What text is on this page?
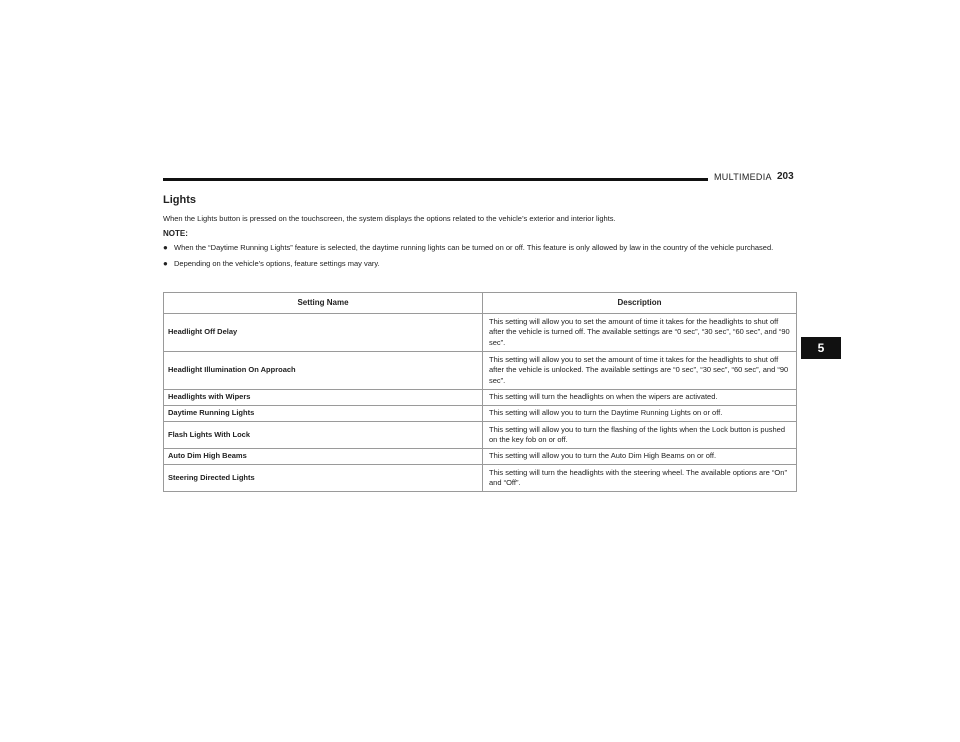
MULTIMEDIA 203
5
Lights

When the Lights button is pressed on the touchscreen, the system displays the options related to the vehicle’s exterior and interior lights.

NOTE:
● When the “Daytime Running Lights” feature is selected, the daytime running lights can be turned on or off. This feature is only allowed by law in the country of the vehicle purchased.
● Depending on the vehicle’s options, feature settings may vary.
Setting Name	Description
Headlight Off Delay	This setting will allow you to set the amount of time it takes for the headlights to shut off after the vehicle is turned off. The available settings are “0 sec”, “30 sec”, “60 sec”, and “90 sec”.
Headlight Illumination On Approach	This setting will allow you to set the amount of time it takes for the headlights to shut off after the vehicle is unlocked. The available settings are “0 sec”, “30 sec”, “60 sec”, and “90 sec”.
Headlights with Wipers	This setting will turn the headlights on when the wipers are activated.
Daytime Running Lights	This setting will allow you to turn the Daytime Running Lights on or off.
Flash Lights With Lock	This setting will allow you to turn the flashing of the lights when the Lock button is pushed on the key fob on or off.
Auto Dim High Beams	This setting will allow you to turn the Auto Dim High Beams on or off.
Steering Directed Lights	This setting will turn the headlights with the steering wheel. The available options are “On” and “Off”.
